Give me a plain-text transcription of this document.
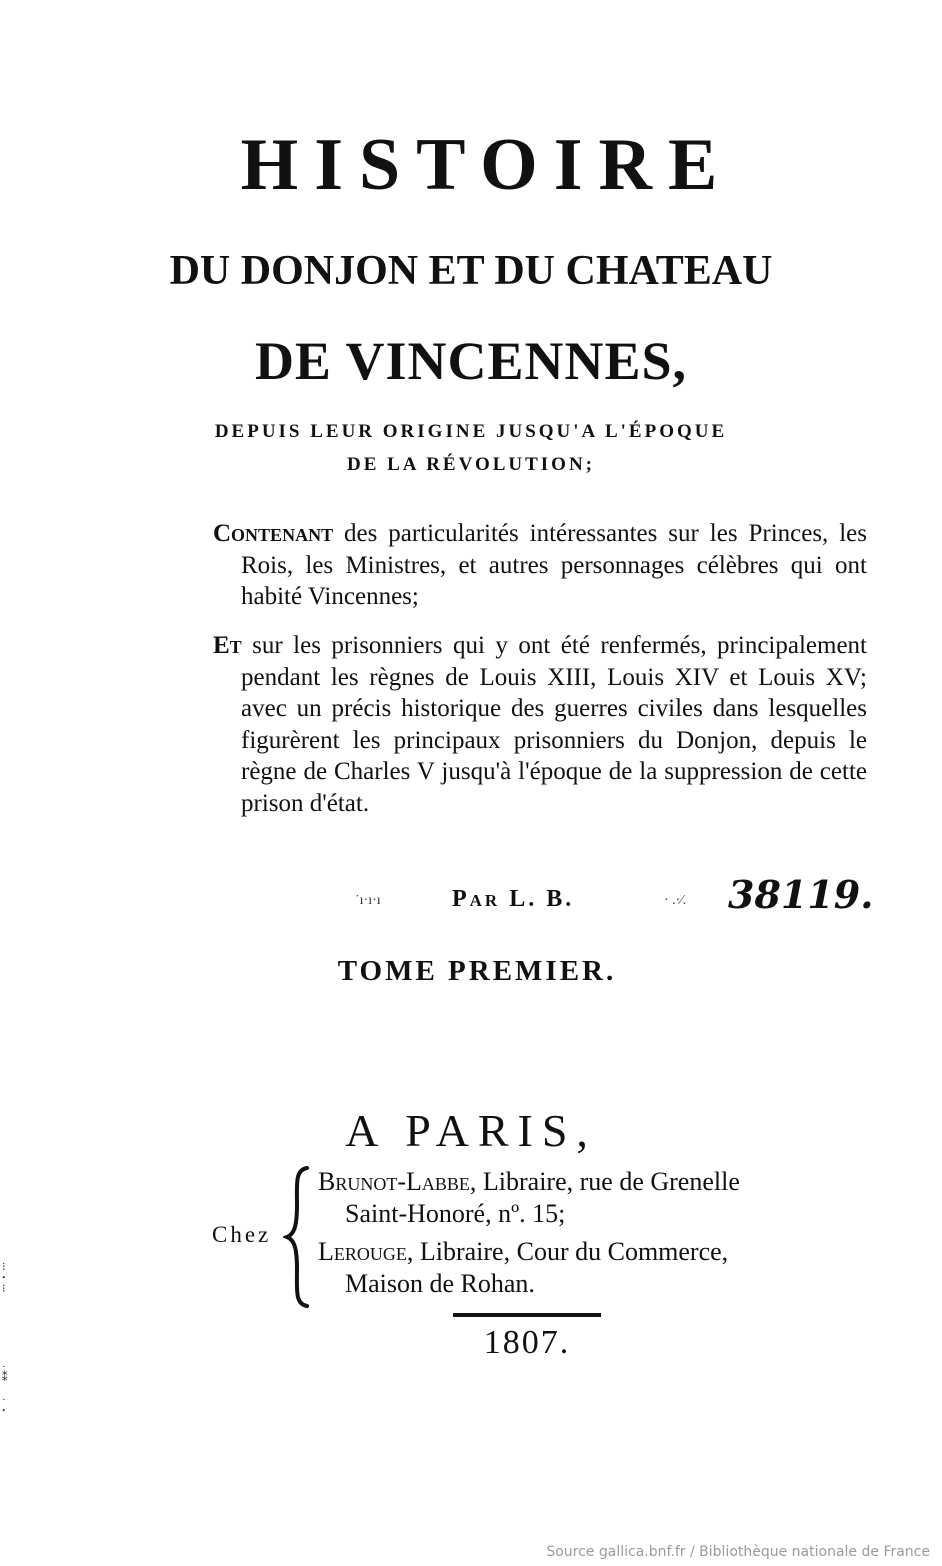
HISTOIRE
DU DONJON ET DU CHATEAU
DE VINCENNES,
DEPUIS LEUR ORIGINE JUSQU'A L'ÉPOQUE
DE LA RÉVOLUTION;
Contenant des particularités intéressantes sur les Princes, les Rois, les Ministres, et autres personnages célèbres qui ont habité Vincennes;
Et sur les prisonniers qui y ont été renfermés, principalement pendant les règnes de Louis XIII, Louis XIV et Louis XV; avec un précis historique des guerres civiles dans lesquelles figurèrent les principaux prisonniers du Donjon, depuis le règne de Charles V jusqu'à l'époque de la suppression de cette prison d'état.
˙ı·ı·ı	Par L. B.	· .·⁄. 38119.
TOME PREMIER.
A PARIS,
Chez
Brunot-Labbe, Libraire, rue de Grenelle
Saint-Honoré, nº. 15;
Lerouge, Libraire, Cour du Commerce,
Maison de Rohan.
1807.
⁝
ꞏ
⁝
·
⁑

·
ꞏ
Source gallica.bnf.fr / Bibliothèque nationale de France
